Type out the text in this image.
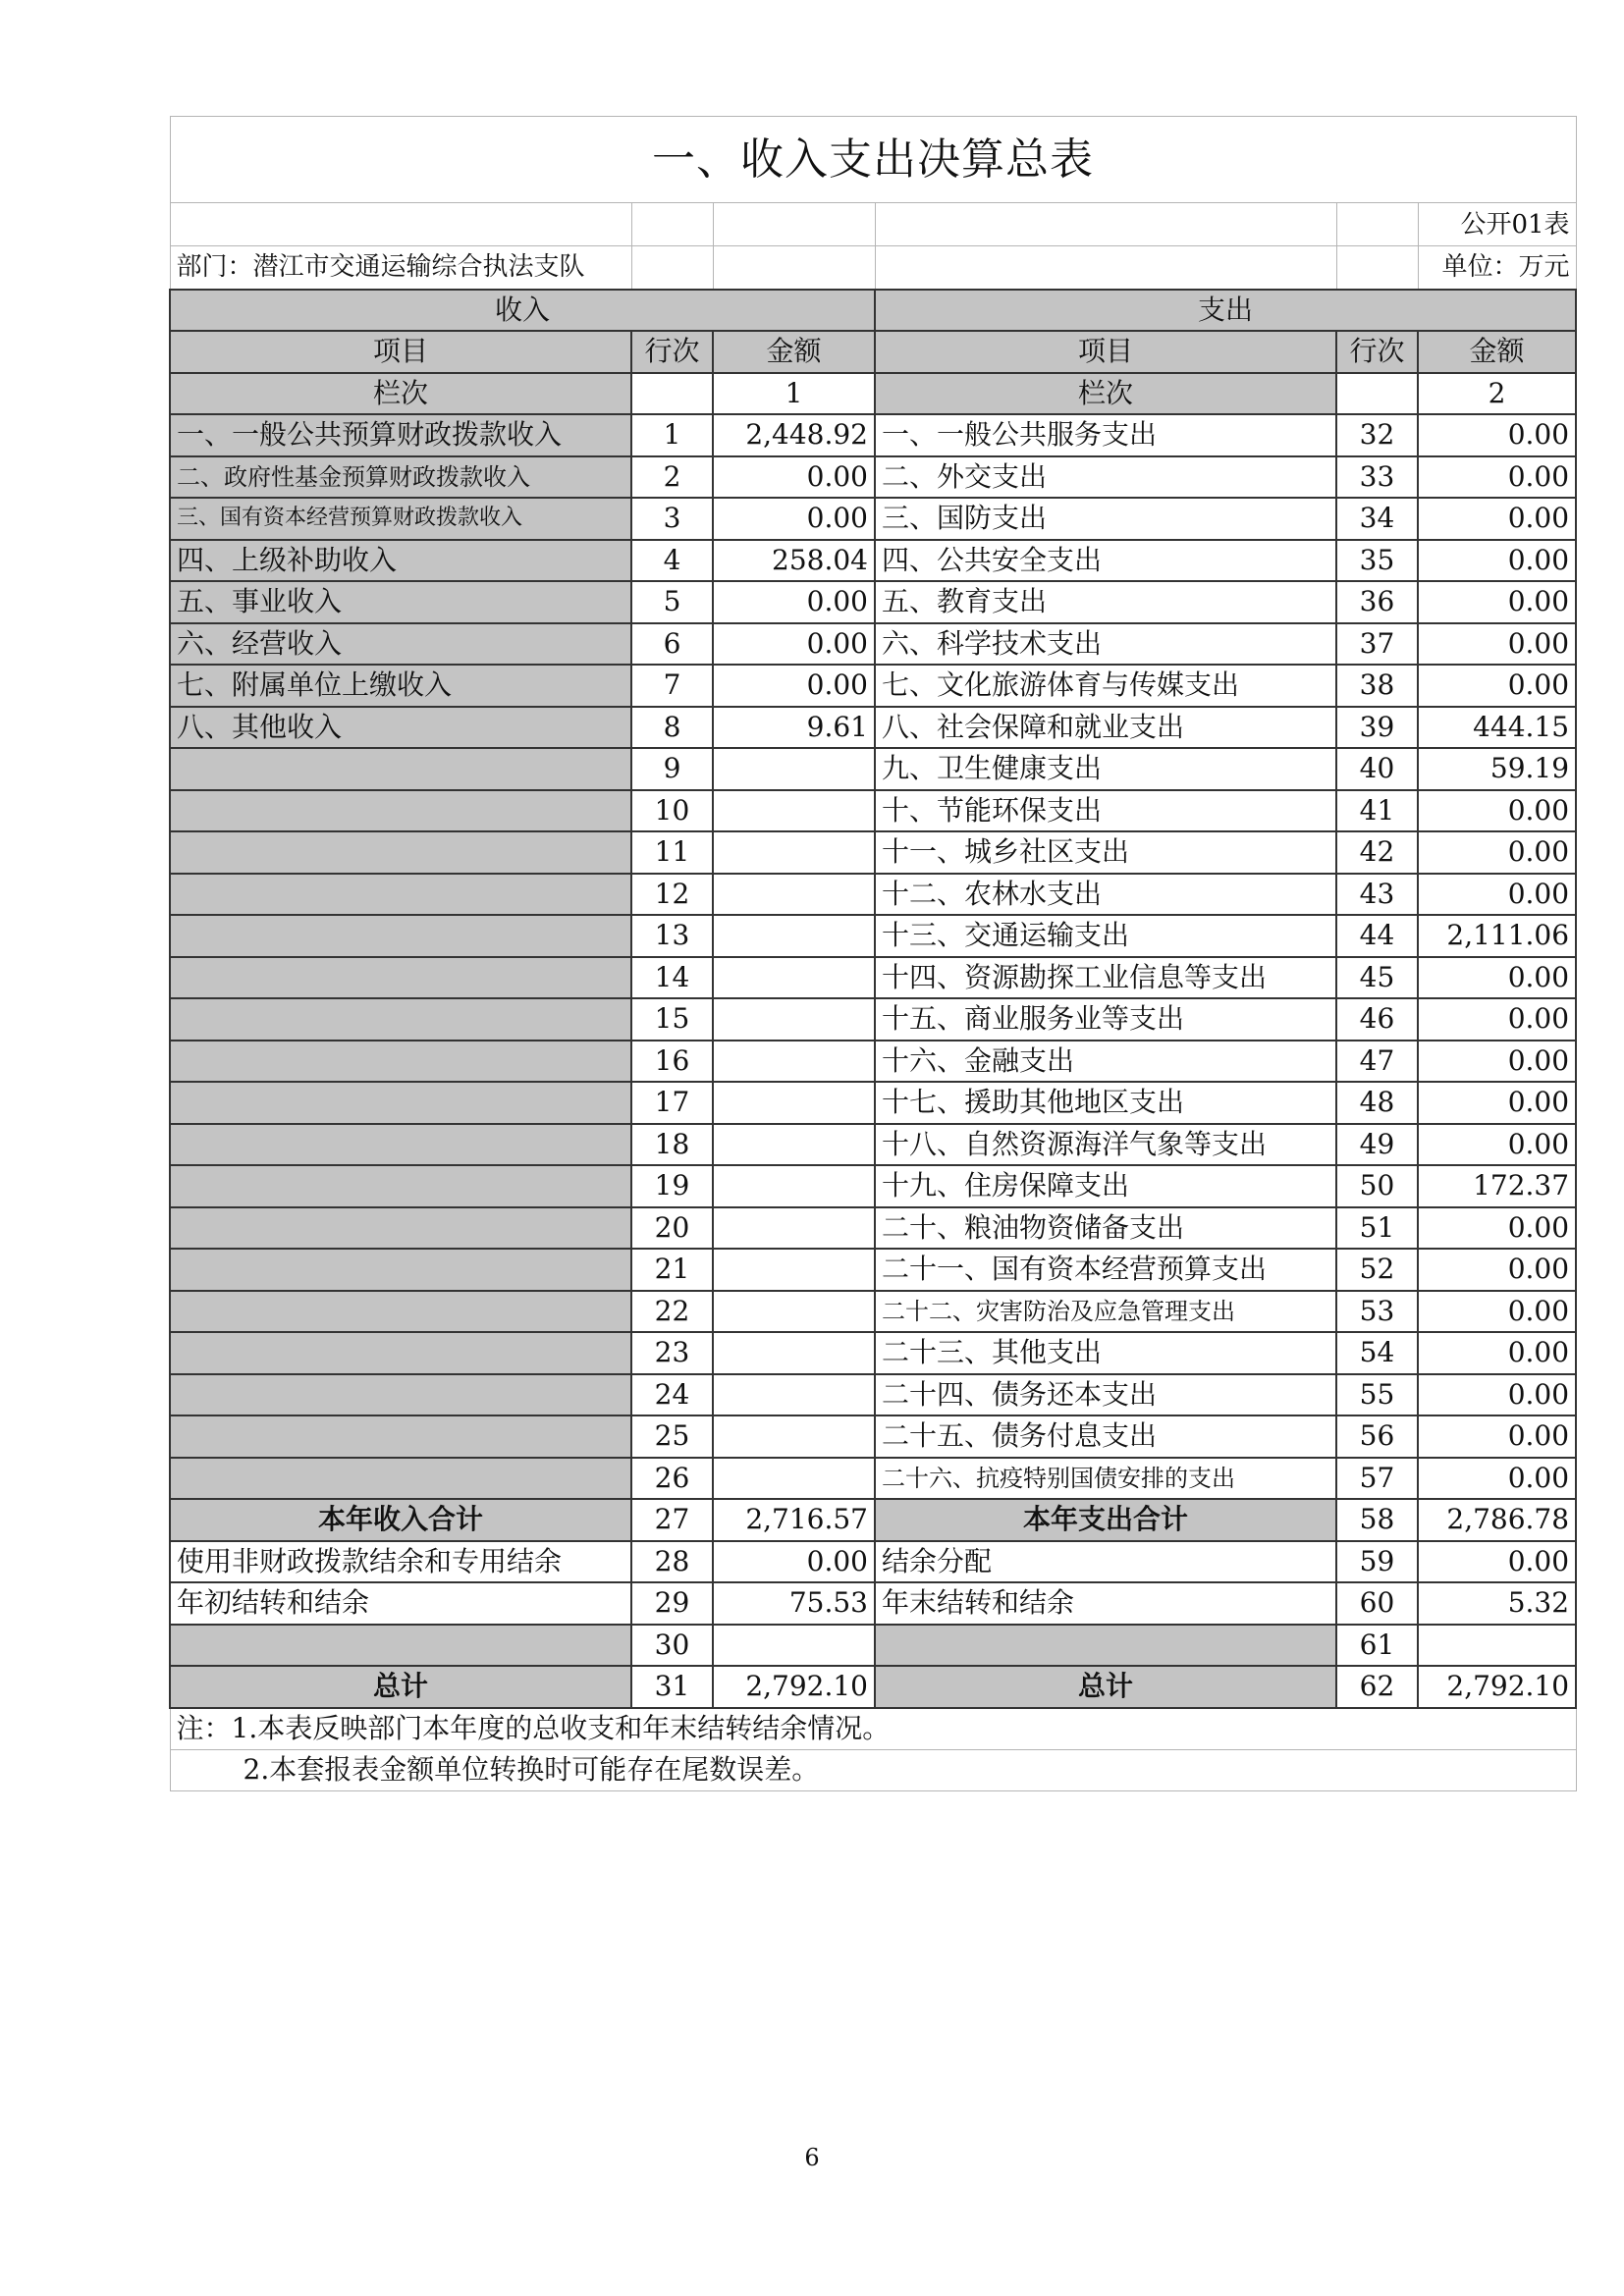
一、收入支出决算总表					
					公开01表
部门：潜江市交通运输综合执法支队					单位：万元
收入			支出		
项目	行次	金额	项目	行次	金额
栏次		1	栏次		2
一、一般公共预算财政拨款收入	1	2,448.92	一、一般公共服务支出	32	0.00
二、政府性基金预算财政拨款收入	2	0.00	二、外交支出	33	0.00
三、国有资本经营预算财政拨款收入	3	0.00	三、国防支出	34	0.00
四、上级补助收入	4	258.04	四、公共安全支出	35	0.00
五、事业收入	5	0.00	五、教育支出	36	0.00
六、经营收入	6	0.00	六、科学技术支出	37	0.00
七、附属单位上缴收入	7	0.00	七、文化旅游体育与传媒支出	38	0.00
八、其他收入	8	9.61	八、社会保障和就业支出	39	444.15
	9		九、卫生健康支出	40	59.19
	10		十、节能环保支出	41	0.00
	11		十一、城乡社区支出	42	0.00
	12		十二、农林水支出	43	0.00
	13		十三、交通运输支出	44	2,111.06
	14		十四、资源勘探工业信息等支出	45	0.00
	15		十五、商业服务业等支出	46	0.00
	16		十六、金融支出	47	0.00
	17		十七、援助其他地区支出	48	0.00
	18		十八、自然资源海洋气象等支出	49	0.00
	19		十九、住房保障支出	50	172.37
	20		二十、粮油物资储备支出	51	0.00
	21		二十一、国有资本经营预算支出	52	0.00
	22		二十二、灾害防治及应急管理支出	53	0.00
	23		二十三、其他支出	54	0.00
	24		二十四、债务还本支出	55	0.00
	25		二十五、债务付息支出	56	0.00
	26		二十六、抗疫特别国债安排的支出	57	0.00
本年收入合计	27	2,716.57	本年支出合计	58	2,786.78
使用非财政拨款结余和专用结余	28	0.00	结余分配	59	0.00
年初结转和结余	29	75.53	年末结转和结余	60	5.32
	30			61	
总计	31	2,792.10	总计	62	2,792.10
注：1.本表反映部门本年度的总收支和年末结转结余情况。					
2.本套报表金额单位转换时可能存在尾数误差。					
6
